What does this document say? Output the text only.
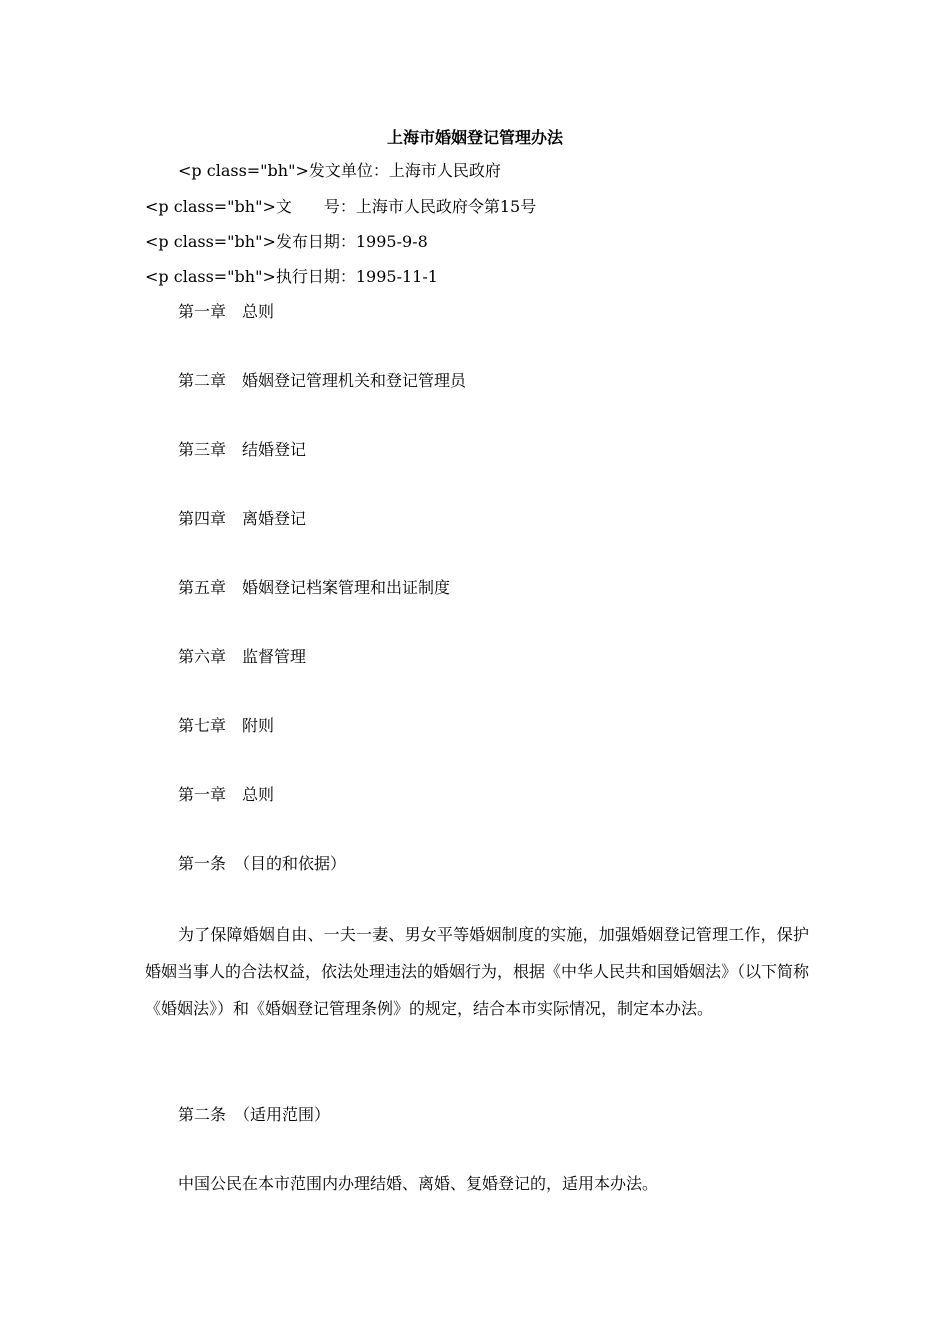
上海市婚姻登记管理办法
<p class="bh">发文单位：上海市人民政府
<p class="bh">文　　号：上海市人民政府令第15号
<p class="bh">发布日期：1995-9-8
<p class="bh">执行日期：1995-11-1
第一章　总则
第二章　婚姻登记管理机关和登记管理员
第三章　结婚登记
第四章　离婚登记
第五章　婚姻登记档案管理和出证制度
第六章　监督管理
第七章　附则
第一章　总则
第一条　（目的和依据）
为了保障婚姻自由、一夫一妻、男女平等婚姻制度的实施，加强婚姻登记管理工作，保护婚姻当事人的合法权益，依法处理违法的婚姻行为，根据《中华人民共和国婚姻法》（以下简称《婚姻法》）和《婚姻登记管理条例》的规定，结合本市实际情况，制定本办法。
第二条　（适用范围）
中国公民在本市范围内办理结婚、离婚、复婚登记的，适用本办法。
